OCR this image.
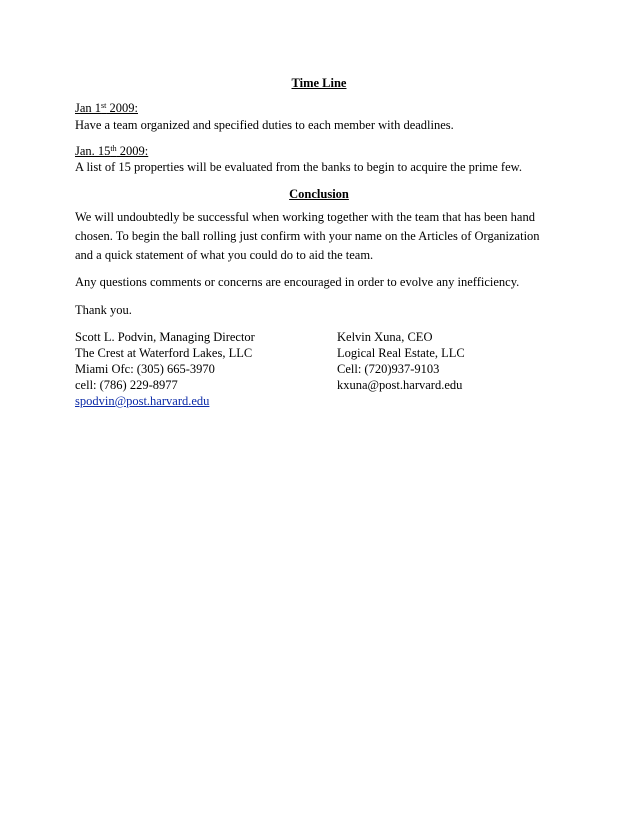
Time Line
Jan 1st 2009:
Have a team organized and specified duties to each member with deadlines.
Jan. 15th 2009:
A list of 15 properties will be evaluated from the banks to begin to acquire the prime few.
Conclusion

We will undoubtedly be successful when working together with the team that has been hand

chosen. To begin the ball rolling just confirm with your name on the Articles of Organization

and a quick statement of what you could do to aid the team.

Any questions comments or concerns are encouraged in order to evolve any inefficiency.
Thank you.
Scott L. Podvin, Managing Director
The Crest at Waterford Lakes, LLC
Miami Ofc: (305) 665-3970
cell: (786) 229-8977
spodvin@post.harvard.edu
Kelvin Xuna, CEO
Logical Real Estate, LLC
Cell: (720)937-9103
kxuna@post.harvard.edu
